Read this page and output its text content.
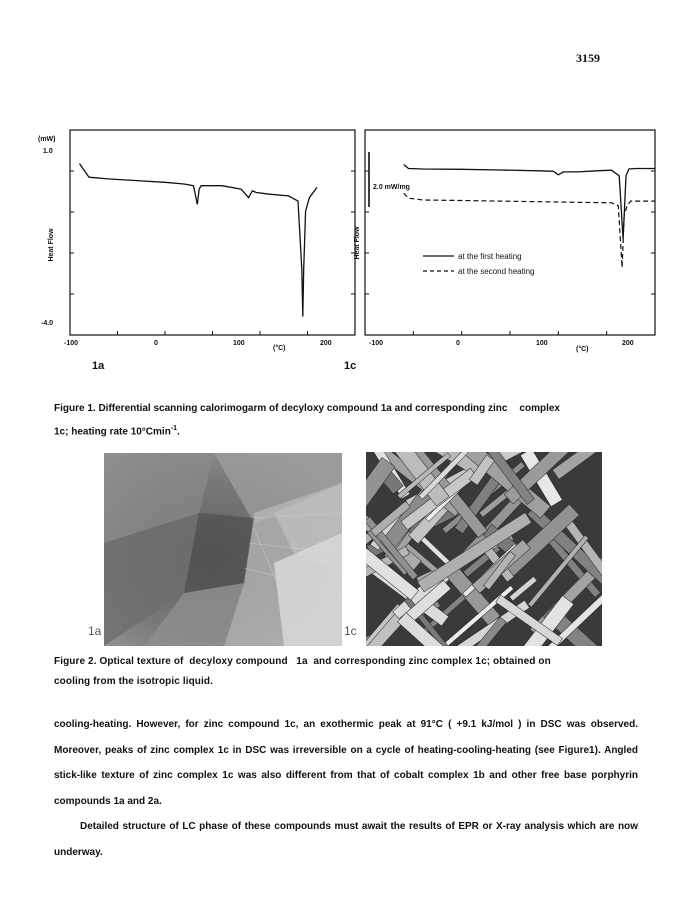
3159
(mW)
1.0
-4.0
Heat Flow
-100	0	100	200
(°C)
1a
2.0 mW/mg
Heat Flow
-100	0	100	200
(°C)
at the first heating
at the second heating
1c
Figure 1. Differential scanning calorimogarm of decyloxy compound 1a and corresponding zinc complex
1c; heating rate 10°Cmin$^{-1}$.
1a	1c
Figure 2. Optical texture of decyloxy compound 1a and corresponding zinc complex 1c; obtained on
cooling from the isotropic liquid.

cooling-heating. However, for zinc compound 1c, an exothermic peak at 91°C ( +9.1 kJ/mol ) in DSC was observed. Moreover, peaks of zinc complex 1c in DSC was irreversible on a cycle of heating-cooling-heating (see Figure1). Angled stick-like texture of zinc complex 1c was also different from that of cobalt complex 1b and other free base porphyrin compounds 1a and 2a.

Detailed structure of LC phase of these compounds must await the results of EPR or X-ray analysis which are now underway.
